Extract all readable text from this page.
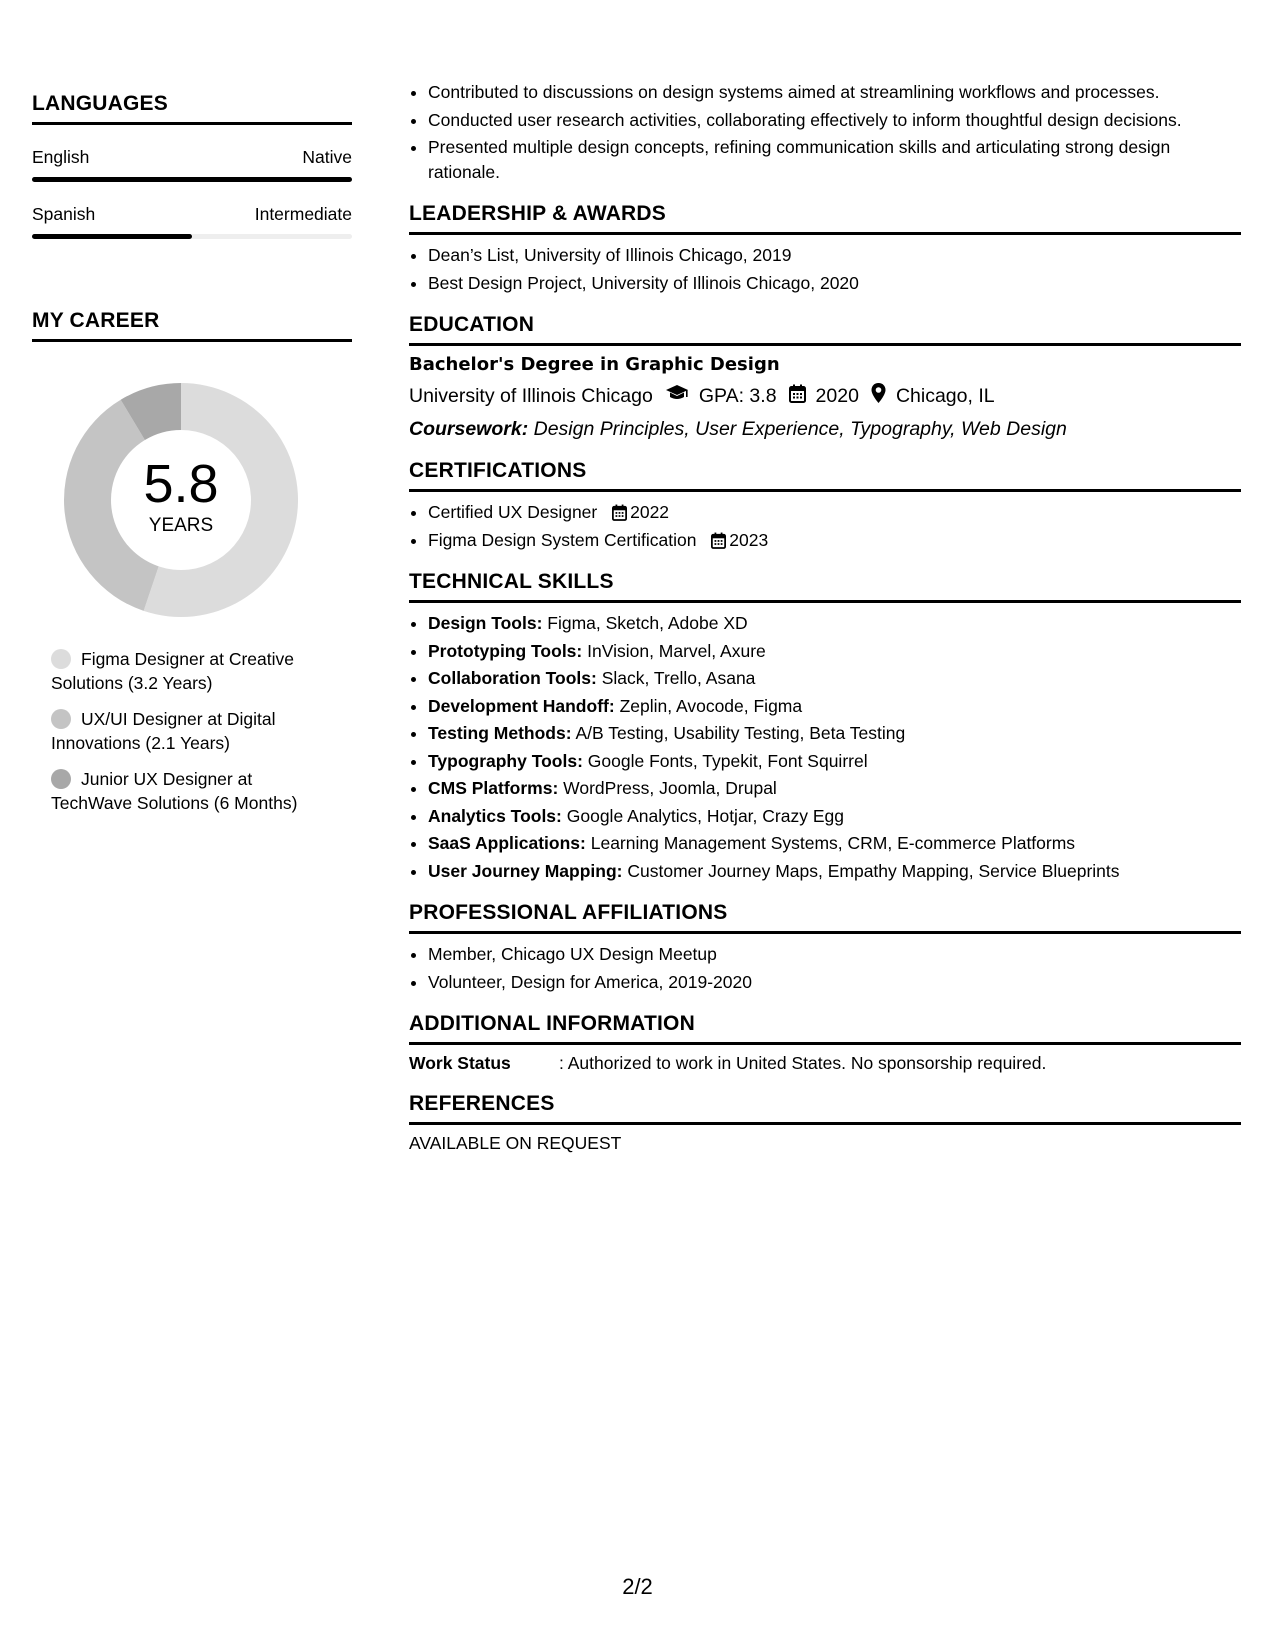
LANGUAGES
English	Native
Spanish	Intermediate
MY CAREER
5.8
YEARS
Figma Designer at Creative Solutions (3.2 Years)
UX/UI Designer at Digital Innovations (2.1 Years)
Junior UX Designer at TechWave Solutions (6 Months)
• Contributed to discussions on design systems aimed at streamlining workflows and processes.
• Conducted user research activities, collaborating effectively to inform thoughtful design decisions.
• Presented multiple design concepts, refining communication skills and articulating strong design rationale.
LEADERSHIP & AWARDS
• Dean’s List, University of Illinois Chicago, 2019
• Best Design Project, University of Illinois Chicago, 2020
EDUCATION
Bachelor's Degree in Graphic Design
University of Illinois Chicago GPA: 3.8 2020 Chicago, IL
Coursework: Design Principles, User Experience, Typography, Web Design
CERTIFICATIONS
• Certified UX Designer 2022
• Figma Design System Certification 2023
TECHNICAL SKILLS
• Design Tools: Figma, Sketch, Adobe XD
• Prototyping Tools: InVision, Marvel, Axure
• Collaboration Tools: Slack, Trello, Asana
• Development Handoff: Zeplin, Avocode, Figma
• Testing Methods: A/B Testing, Usability Testing, Beta Testing
• Typography Tools: Google Fonts, Typekit, Font Squirrel
• CMS Platforms: WordPress, Joomla, Drupal
• Analytics Tools: Google Analytics, Hotjar, Crazy Egg
• SaaS Applications: Learning Management Systems, CRM, E-commerce Platforms
• User Journey Mapping: Customer Journey Maps, Empathy Mapping, Service Blueprints
PROFESSIONAL AFFILIATIONS
• Member, Chicago UX Design Meetup
• Volunteer, Design for America, 2019-2020
ADDITIONAL INFORMATION
Work Status	: Authorized to work in United States. No sponsorship required.
REFERENCES
AVAILABLE ON REQUEST
2/2
